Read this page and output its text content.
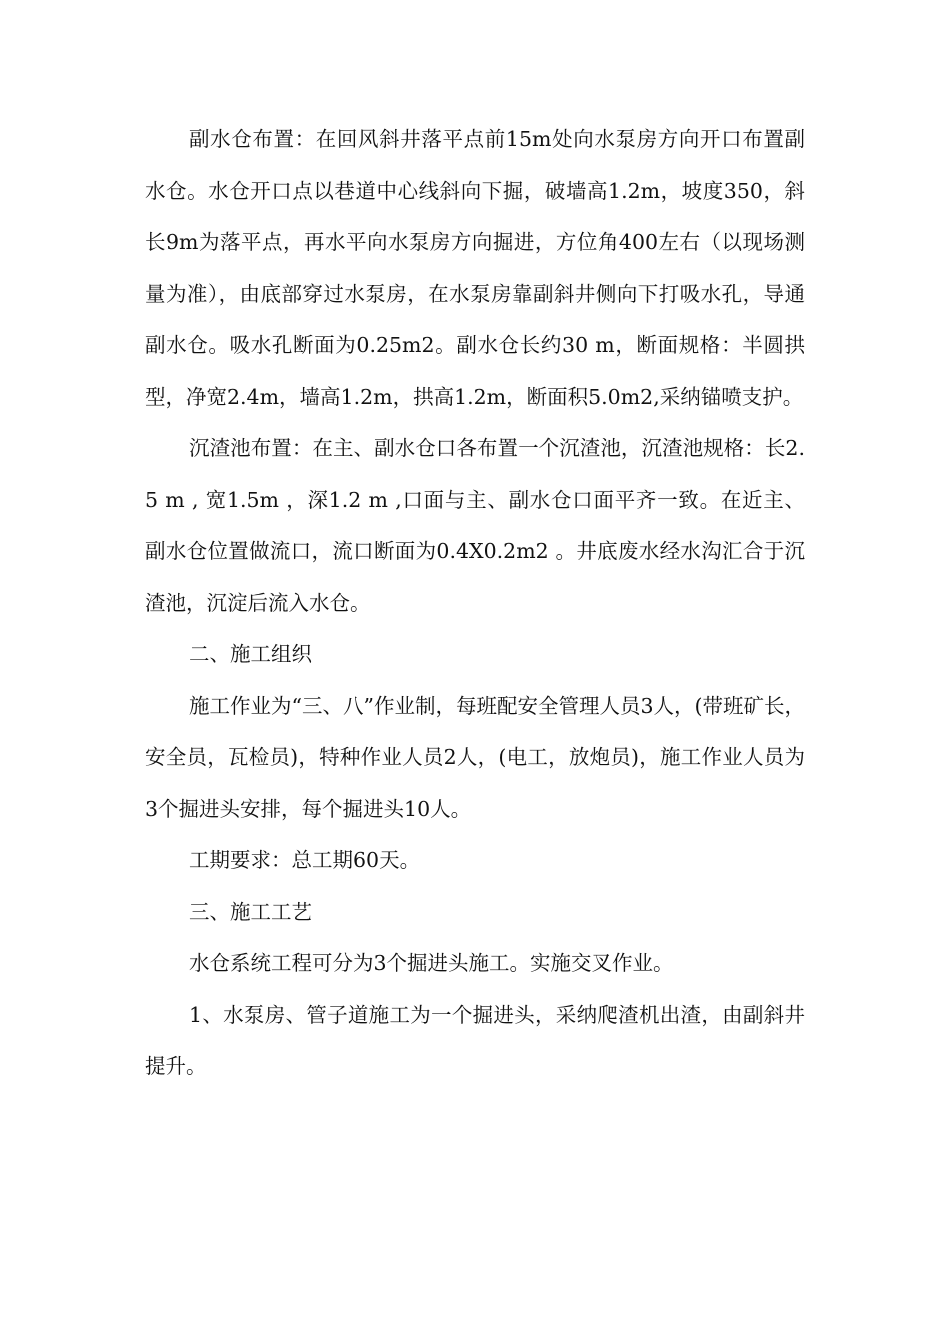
副水仓布置：在回风斜井落平点前15m处向水泵房方向开口布置副水仓。水仓开口点以巷道中心线斜向下掘，破墙高1.2m，坡度350，斜长9m为落平点，再水平向水泵房方向掘进，方位角400左右（以现场测量为准），由底部穿过水泵房，在水泵房靠副斜井侧向下打吸水孔，导通副水仓。吸水孔断面为0.25m2。副水仓长约30 m，断面规格：半圆拱型，净宽2.4m，墙高1.2m，拱高1.2m，断面积5.0m2,采纳锚喷支护。

沉渣池布置：在主、副水仓口各布置一个沉渣池，沉渣池规格：长2.5 m , 宽1.5m ，深1.2 m ,口面与主、副水仓口面平齐一致。在近主、副水仓位置做流口，流口断面为0.4X0.2m2 。井底废水经水沟汇合于沉渣池，沉淀后流入水仓。

二、施工组织

施工作业为“三、八”作业制，每班配安全管理人员3人，(带班矿长，安全员，瓦检员)，特种作业人员2人，(电工，放炮员)，施工作业人员为3个掘进头安排，每个掘进头10人。

工期要求：总工期60天。

三、施工工艺

水仓系统工程可分为3个掘进头施工。实施交叉作业。

1、水泵房、管子道施工为一个掘进头，采纳爬渣机出渣，由副斜井提升。
